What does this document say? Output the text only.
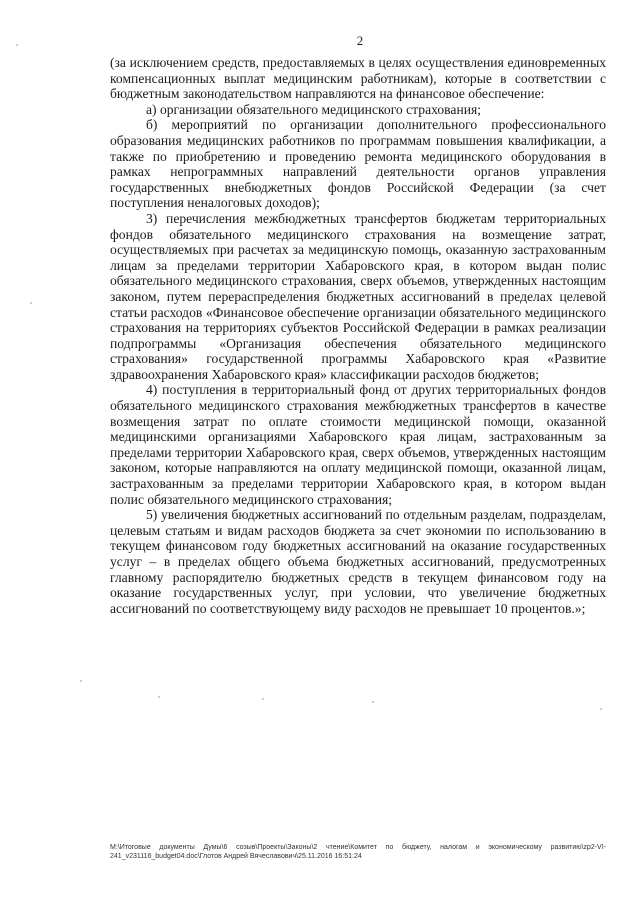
2

(за исключением средств, предоставляемых в целях осуществления единовременных компенсационных выплат медицинским работникам), которые в соответствии с бюджетным законодательством направляются на финансовое обеспечение:

а) организации обязательного медицинского страхования;

б) мероприятий по организации дополнительного профессионального образования медицинских работников по программам повышения квалификации, а также по приобретению и проведению ремонта медицинского оборудования в рамках непрограммных направлений деятельности органов управления государственных внебюджетных фондов Российской Федерации (за счет поступления неналоговых доходов);

3) перечисления межбюджетных трансфертов бюджетам территориальных фондов обязательного медицинского страхования на возмещение затрат, осуществляемых при расчетах за медицинскую помощь, оказанную застрахованным лицам за пределами территории Хабаровского края, в котором выдан полис обязательного медицинского страхования, сверх объемов, утвержденных настоящим законом, путем перераспределения бюджетных ассигнований в пределах целевой статьи расходов «Финансовое обеспечение организации обязательного медицинского страхования на территориях субъектов Российской Федерации в рамках реализации подпрограммы «Организация обеспечения обязательного медицинского страхования» государственной программы Хабаровского края «Развитие здравоохранения Хабаровского края» классификации расходов бюджетов;

4) поступления в территориальный фонд от других территориальных фондов обязательного медицинского страхования межбюджетных трансфертов в качестве возмещения затрат по оплате стоимости медицинской помощи, оказанной медицинскими организациями Хабаровского края лицам, застрахованным за пределами территории Хабаровского края, сверх объемов, утвержденных настоящим законом, которые направляются на оплату медицинской помощи, оказанной лицам, застрахованным за пределами территории Хабаровского края, в котором выдан полис обязательного медицинского страхования;

5) увеличения бюджетных ассигнований по отдельным разделам, подразделам, целевым статьям и видам расходов бюджета за счет экономии по использованию в текущем финансовом году бюджетных ассигнований на оказание государственных услуг – в пределах общего объема бюджетных ассигнований, предусмотренных главному распорядителю бюджетных средств в текущем финансовом году на оказание государственных услуг, при условии, что увеличение бюджетных ассигнований по соответствующему виду расходов не превышает 10 процентов.»;

M:\Итоговые документы Думы\6 созыв\Проекты\Законы\2 чтение\Комитет по бюджету, налогам и экономическому развитию\zp2-VI-241_v231116_budget04.doc\Глотов Андрей Вячеславович\25.11.2016 16:51:24
